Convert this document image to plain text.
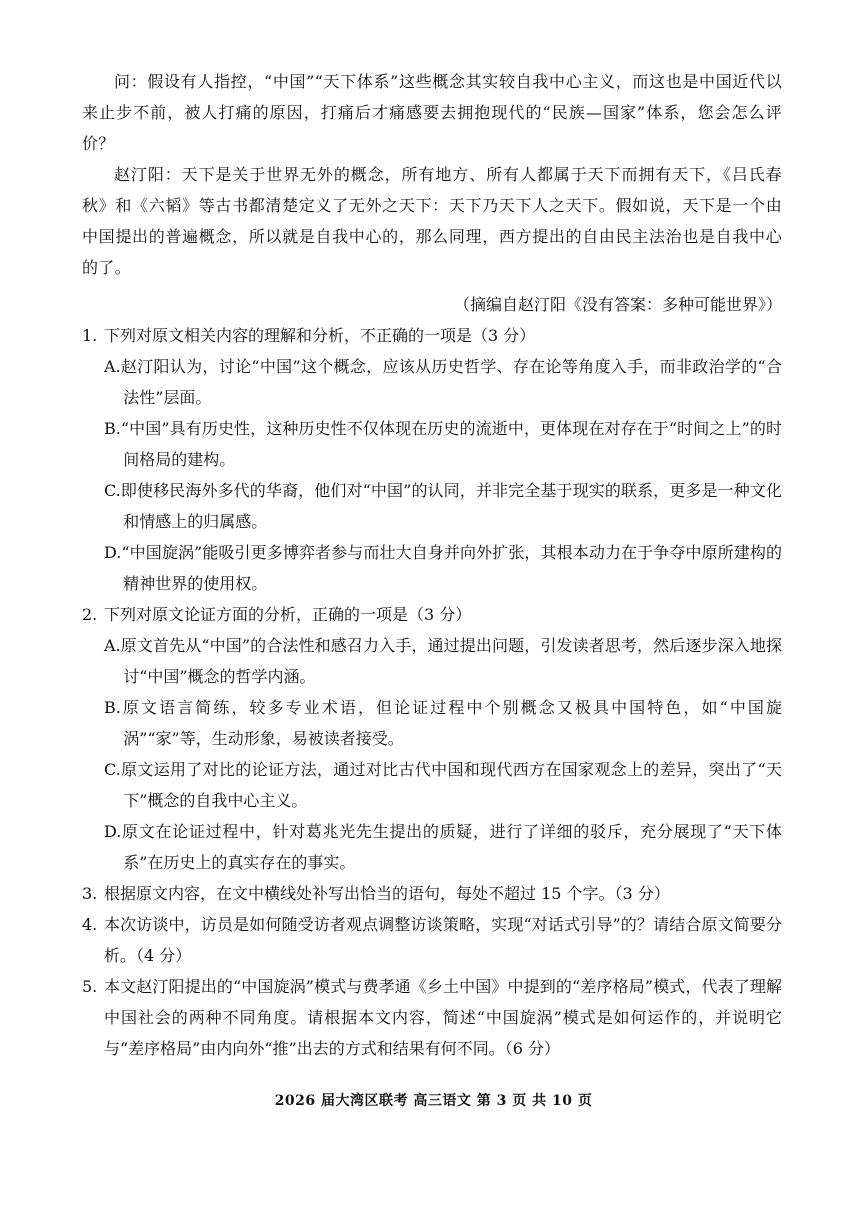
问：假设有人指控，“中国”“天下体系”这些概念其实较自我中心主义，而这也是中国近代以来止步不前，被人打痛的原因，打痛后才痛感要去拥抱现代的“民族—国家”体系，您会怎么评价？

赵汀阳：天下是关于世界无外的概念，所有地方、所有人都属于天下而拥有天下，《吕氏春秋》和《六韬》等古书都清楚定义了无外之天下：天下乃天下人之天下。假如说，天下是一个由中国提出的普遍概念，所以就是自我中心的，那么同理，西方提出的自由民主法治也是自我中心的了。

（摘编自赵汀阳《没有答案：多种可能世界》）

1. 下列对原文相关内容的理解和分析，不正确的一项是（3 分）

A.赵汀阳认为，讨论“中国”这个概念，应该从历史哲学、存在论等角度入手，而非政治学的“合法性”层面。

B.“中国”具有历史性，这种历史性不仅体现在历史的流逝中，更体现在对存在于“时间之上”的时间格局的建构。

C.即使移民海外多代的华裔，他们对“中国”的认同，并非完全基于现实的联系，更多是一种文化和情感上的归属感。

D.“中国旋涡”能吸引更多博弈者参与而壮大自身并向外扩张，其根本动力在于争夺中原所建构的精神世界的使用权。

2. 下列对原文论证方面的分析，正确的一项是（3 分）

A.原文首先从“中国”的合法性和感召力入手，通过提出问题，引发读者思考，然后逐步深入地探讨“中国”概念的哲学内涵。

B.原文语言简练，较多专业术语，但论证过程中个别概念又极具中国特色，如“中国旋涡”“家”等，生动形象，易被读者接受。

C.原文运用了对比的论证方法，通过对比古代中国和现代西方在国家观念上的差异，突出了“天下”概念的自我中心主义。

D.原文在论证过程中，针对葛兆光先生提出的质疑，进行了详细的驳斥，充分展现了“天下体系”在历史上的真实存在的事实。

3. 根据原文内容，在文中横线处补写出恰当的语句，每处不超过 15 个字。（3 分）
4. 本次访谈中，访员是如何随受访者观点调整访谈策略，实现“对话式引导”的？请结合原文简要分析。（4 分）
5. 本文赵汀阳提出的“中国旋涡”模式与费孝通《乡土中国》中提到的“差序格局”模式，代表了理解中国社会的两种不同角度。请根据本文内容，简述“中国旋涡”模式是如何运作的，并说明它与“差序格局”由内向外“推”出去的方式和结果有何不同。（6 分）
2026 届大湾区联考 高三语文 第 3 页 共 10 页
